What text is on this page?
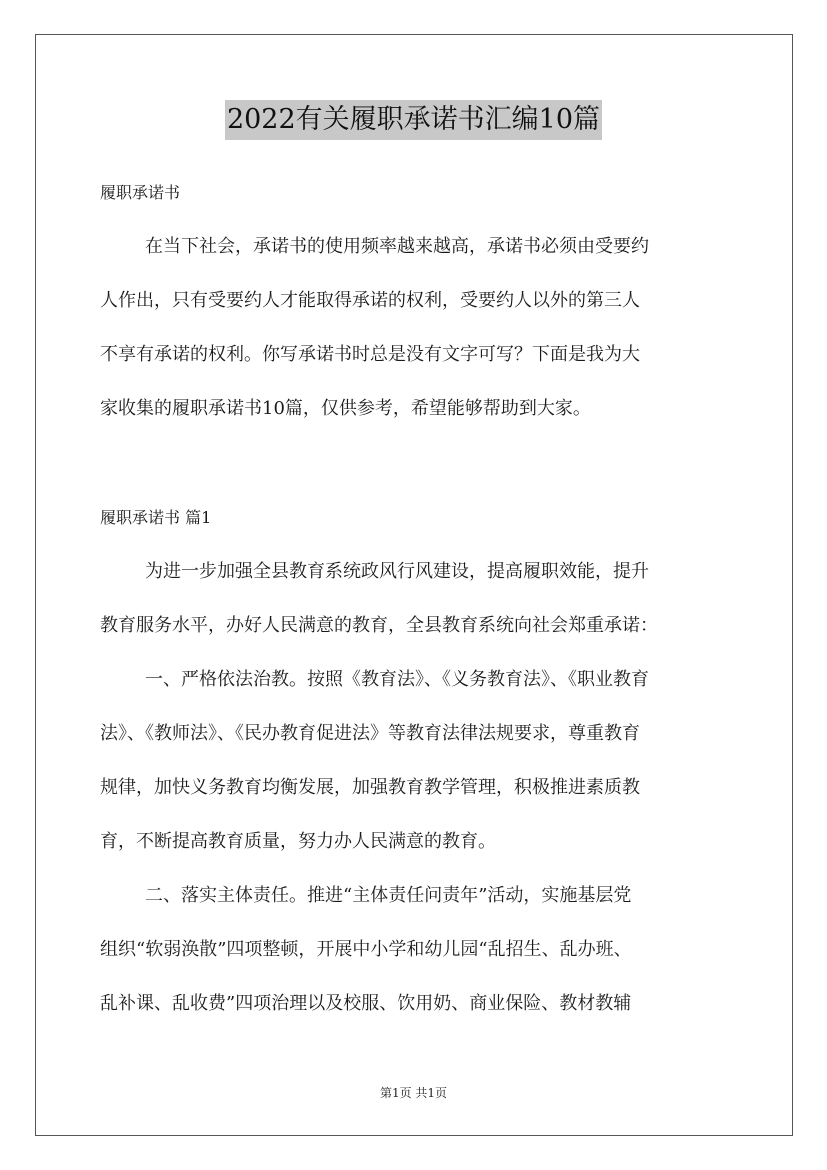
2022有关履职承诺书汇编10篇
履职承诺书
在当下社会，承诺书的使用频率越来越高，承诺书必须由受要约
人作出，只有受要约人才能取得承诺的权利，受要约人以外的第三人
不享有承诺的权利。你写承诺书时总是没有文字可写？下面是我为大
家收集的履职承诺书10篇，仅供参考，希望能够帮助到大家。
履职承诺书 篇1
为进一步加强全县教育系统政风行风建设，提高履职效能，提升
教育服务水平，办好人民满意的教育，全县教育系统向社会郑重承诺：
一、严格依法治教。按照《教育法》、《义务教育法》、《职业教育
法》、《教师法》、《民办教育促进法》等教育法律法规要求，尊重教育
规律，加快义务教育均衡发展，加强教育教学管理，积极推进素质教
育，不断提高教育质量，努力办人民满意的教育。
二、落实主体责任。推进“主体责任问责年”活动，实施基层党
组织“软弱涣散”四项整顿，开展中小学和幼儿园“乱招生、乱办班、
乱补课、乱收费”四项治理以及校服、饮用奶、商业保险、教材教辅
第1页 共1页
